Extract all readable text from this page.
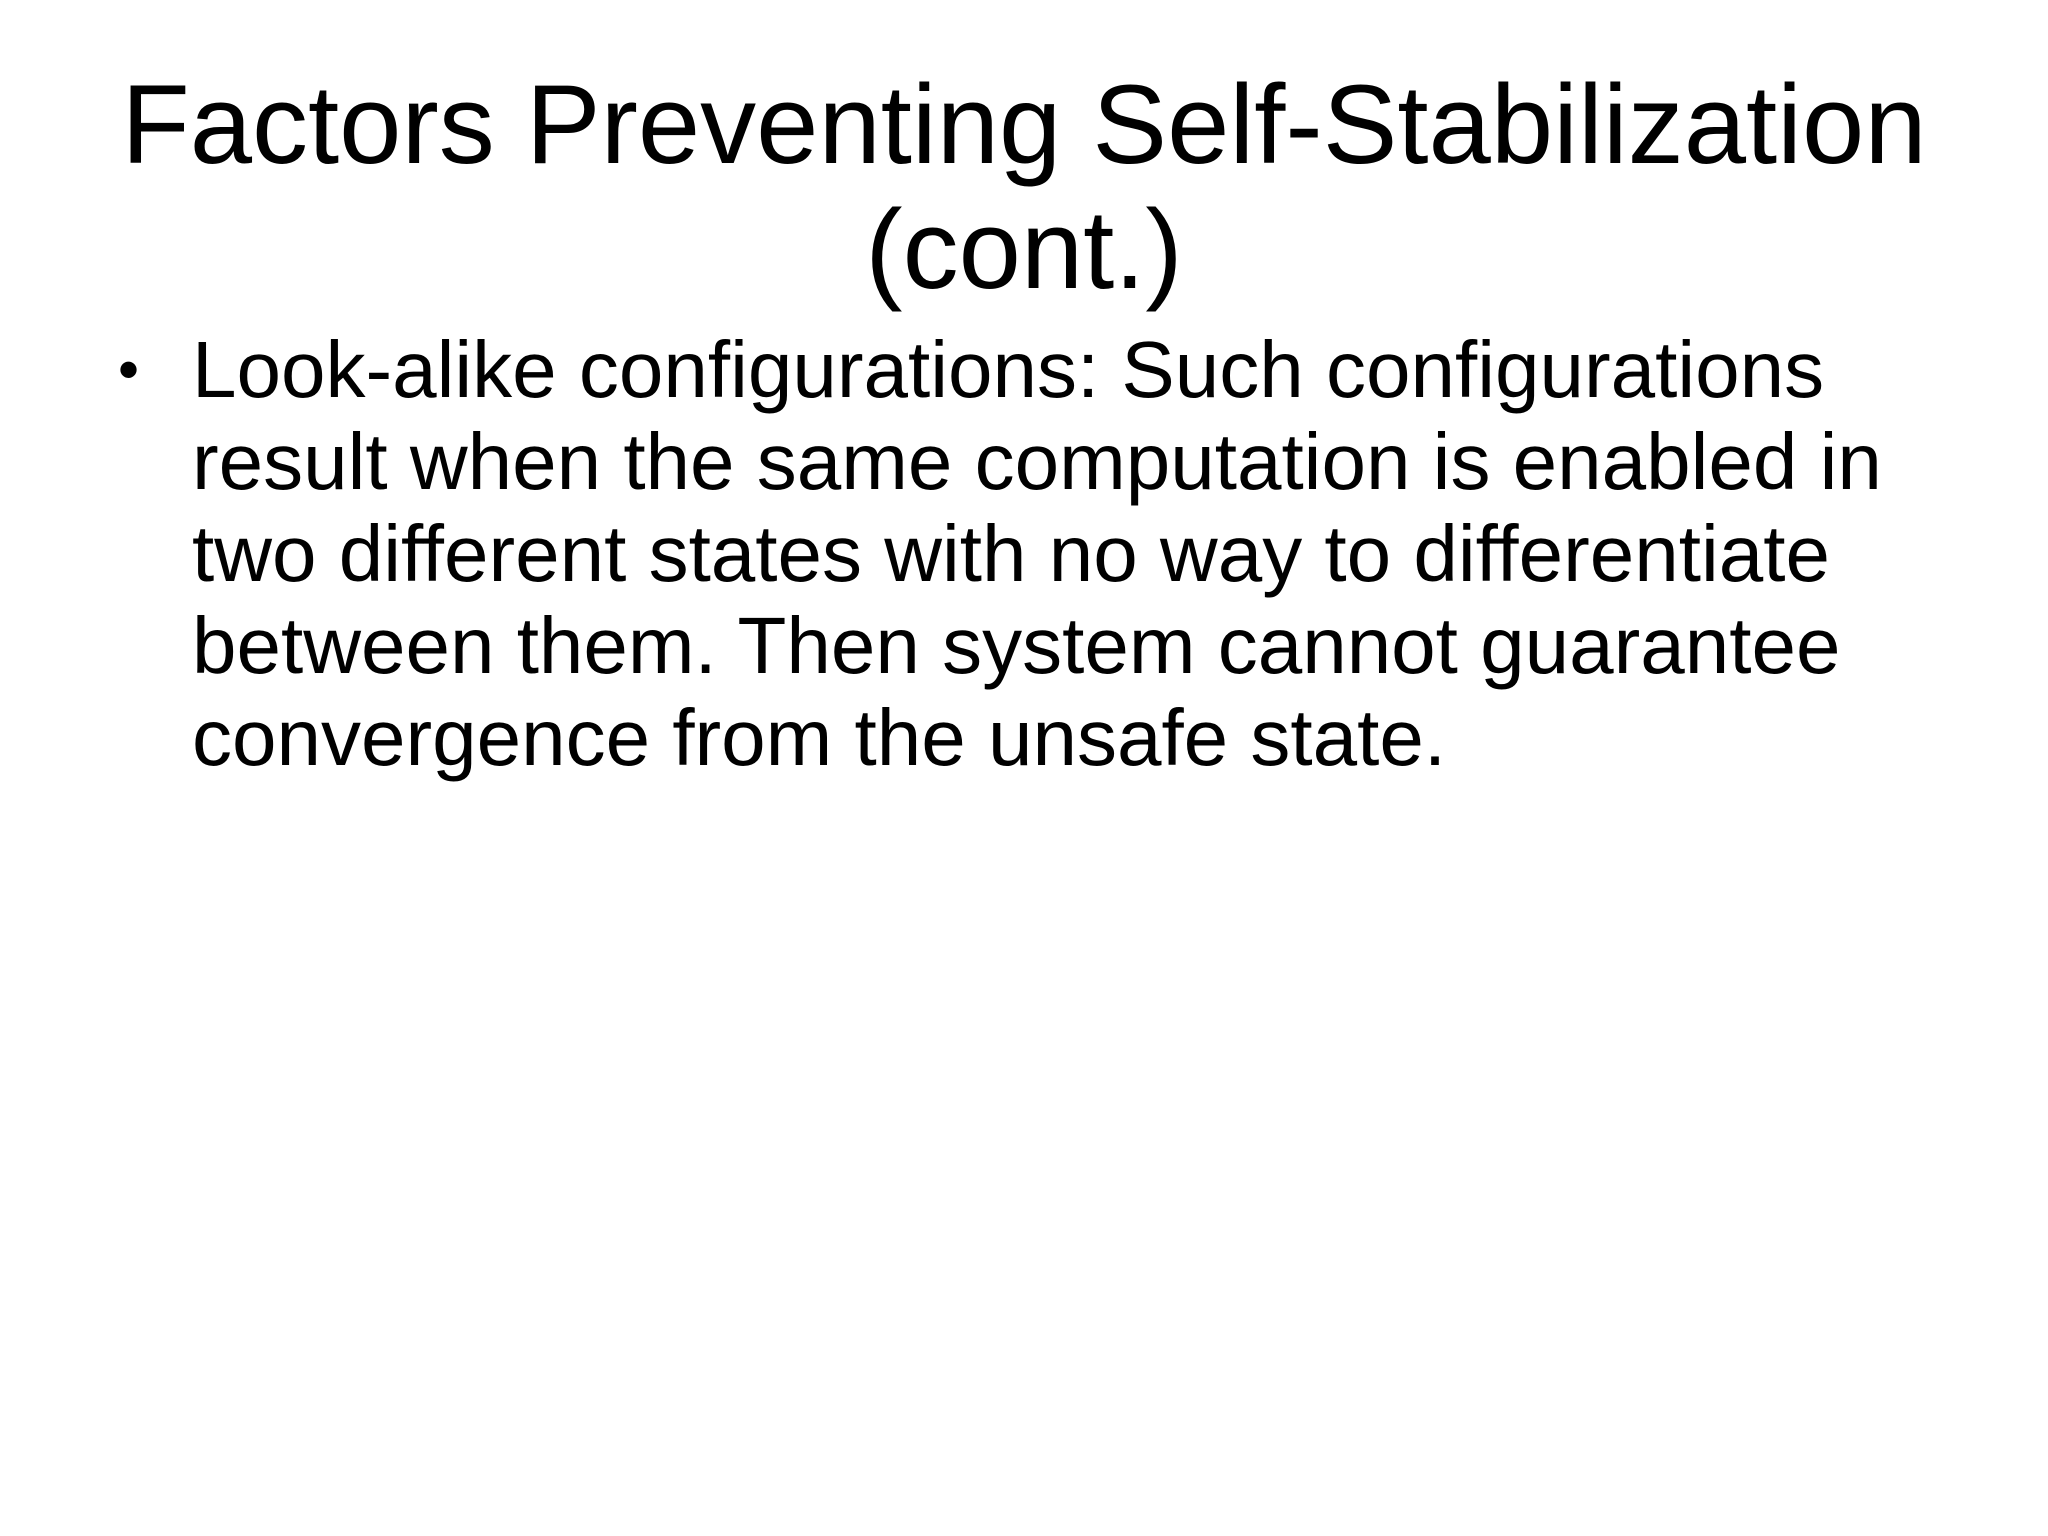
Factors Preventing Self-Stabilization
(cont.)
• Look-alike configurations: Such configurations
result when the same computation is enabled in
two different states with no way to differentiate
between them. Then system cannot guarantee
convergence from the unsafe state.
